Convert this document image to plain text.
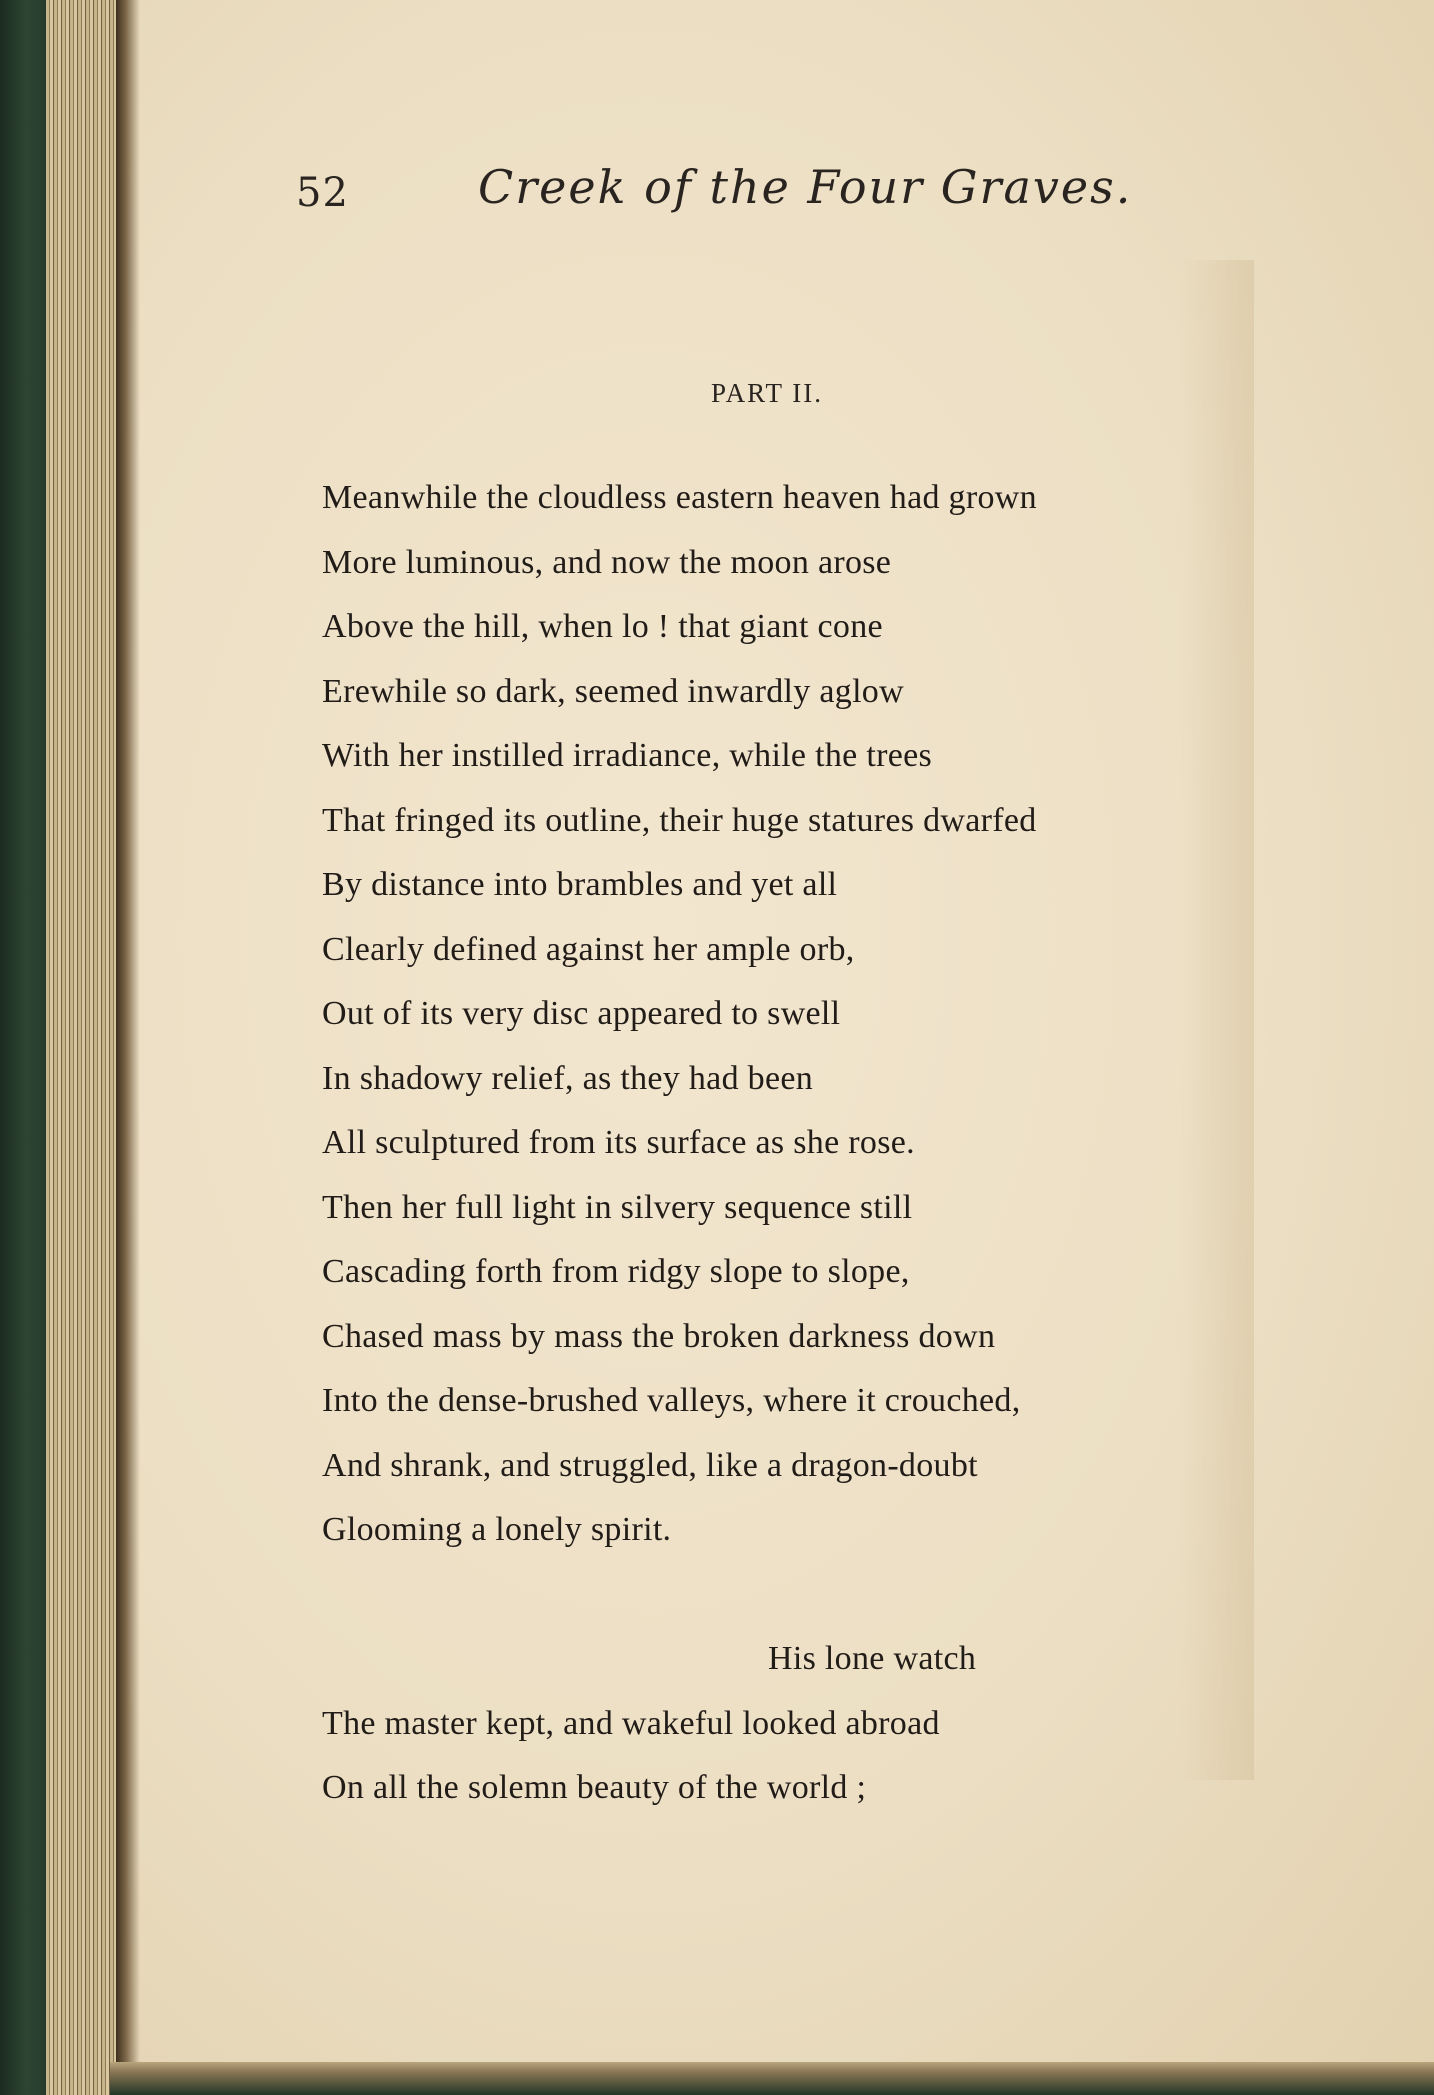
52	Creek of the Four Graves.
PART II.
Meanwhile the cloudless eastern heaven had grown
More luminous, and now the moon arose
Above the hill, when lo ! that giant cone
Erewhile so dark, seemed inwardly aglow
With her instilled irradiance, while the trees
That fringed its outline, their huge statures dwarfed
By distance into brambles and yet all
Clearly defined against her ample orb,
Out of its very disc appeared to swell
In shadowy relief, as they had been
All sculptured from its surface as she rose.
Then her full light in silvery sequence still
Cascading forth from ridgy slope to slope,
Chased mass by mass the broken darkness down
Into the dense-brushed valleys, where it crouched,
And shrank, and struggled, like a dragon-doubt
Glooming a lonely spirit.
His lone watch
The master kept, and wakeful looked abroad
On all the solemn beauty of the world ;
